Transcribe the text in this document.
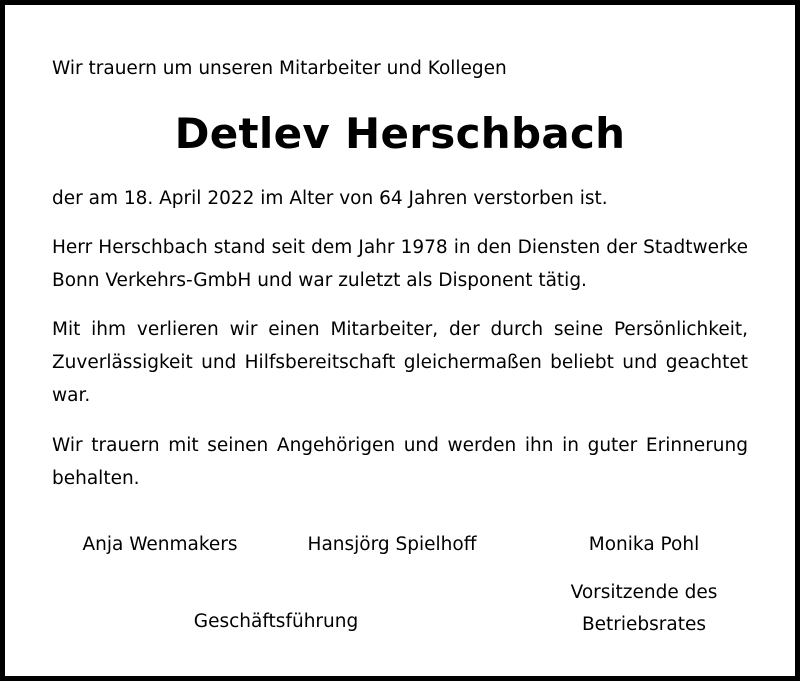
Wir trauern um unseren Mitarbeiter und Kollegen
Detlev Herschbach
der am 18. April 2022 im Alter von 64 Jahren verstorben ist.
Herr Herschbach stand seit dem Jahr 1978 in den Diensten der Stadtwerke Bonn Verkehrs-GmbH und war zuletzt als Disponent tätig.
Mit ihm verlieren wir einen Mitarbeiter, der durch seine Persönlichkeit, Zuverlässigkeit und Hilfsbereitschaft gleichermaßen beliebt und geachtet war.
Wir trauern mit seinen Angehörigen und werden ihn in guter Erinnerung behalten.
Anja Wenmakers	Hansjörg Spielhoff	Monika Pohl
Vorsitzende des
Betriebsrates
Geschäftsführung
